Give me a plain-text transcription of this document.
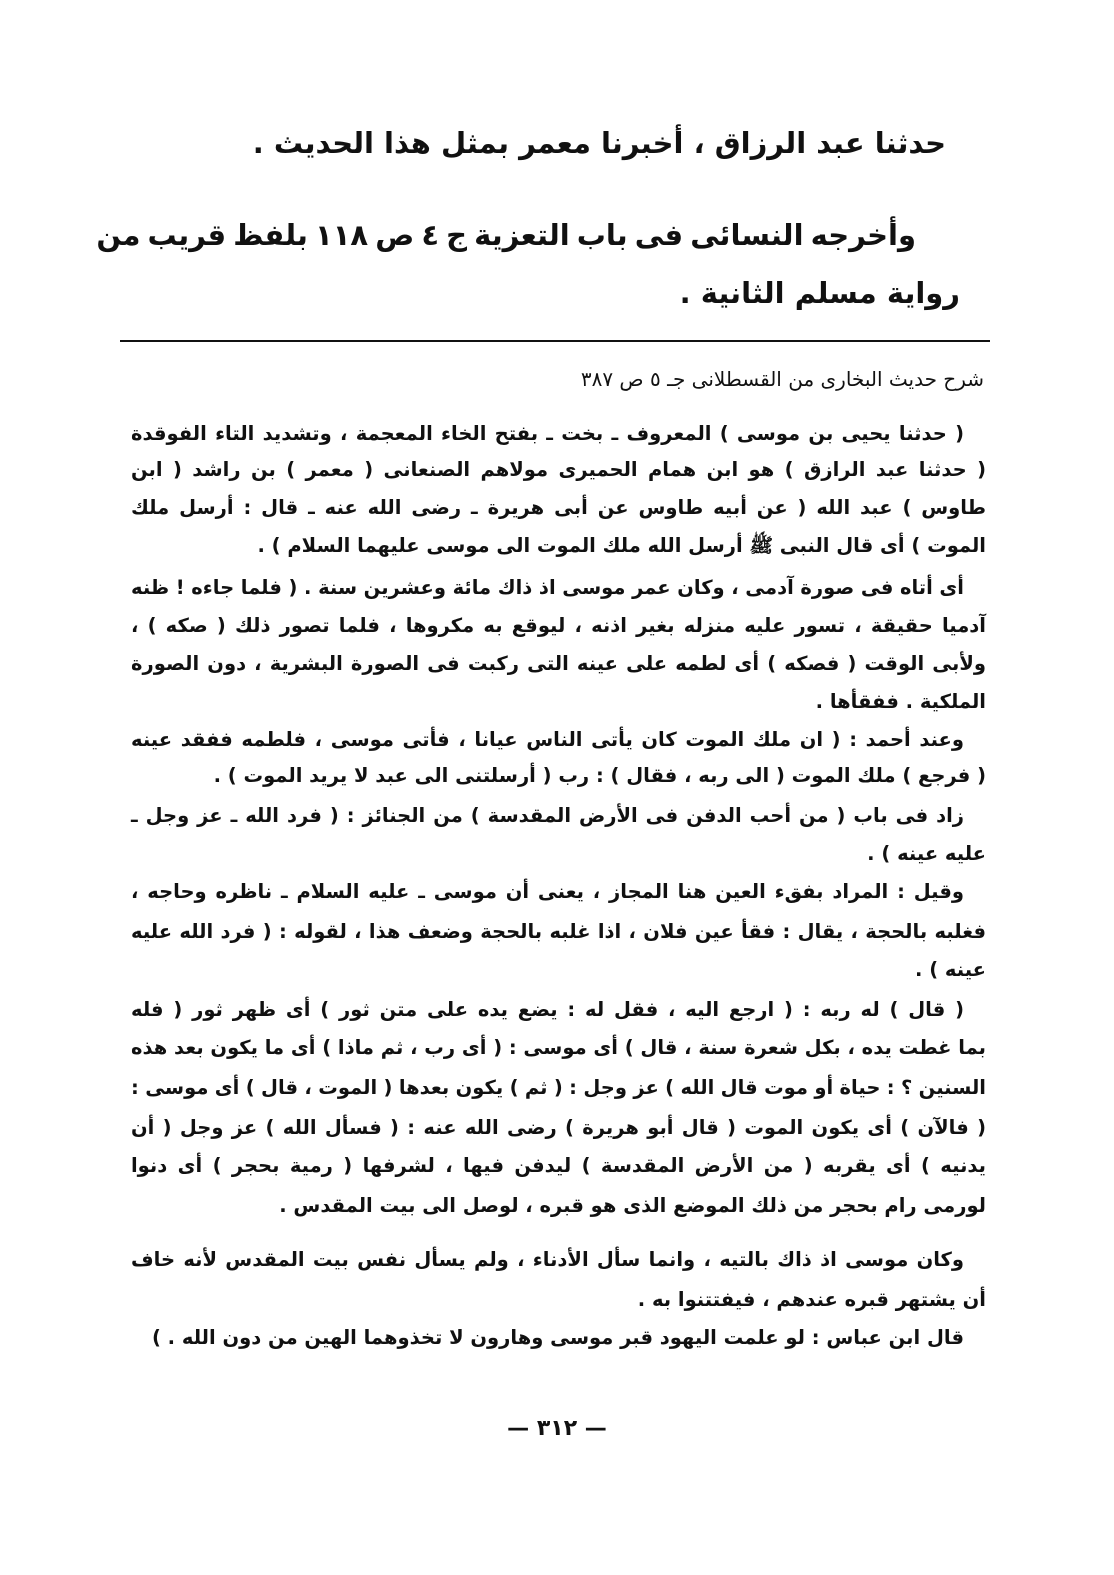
حدثنا عبد الرزاق ، أخبرنا معمر بمثل هذا الحديث .
وأخرجه النسائى فى باب التعزية ج ٤ ص ١١٨ بلفظ قريب من
رواية مسلم الثانية .
شرح حديث البخارى من القسطلانى جـ ٥ ص ٣٨٧
( حدثنا يحيى بن موسى ) المعروف ـ بخت ـ بفتح الخاء المعجمة ، وتشديد التاء الفوقدة
( حدثنا عبد الرازق ) هو ابن همام الحميرى مولاهم الصنعانى ( معمر ) بن راشد ( ابن
طاوس ) عبد الله ( عن أبيه طاوس عن أبى هريرة ـ رضى الله عنه ـ قال : أرسل ملك
الموت ) أى قال النبى ﷺ أرسل الله ملك الموت الى موسى عليهما السلام ) .
أى أتاه فى صورة آدمى ، وكان عمر موسى اذ ذاك مائة وعشرين سنة . ( فلما جاءه ! ظنه
آدميا حقيقة ، تسور عليه منزله بغير اذنه ، ليوقع به مكروها ، فلما تصور ذلك ( صكه ) ،
ولأبى الوقت ( فصكه ) أى لطمه على عينه التى ركبت فى الصورة البشرية ، دون الصورة
الملكية . ففقأها .
وعند أحمد : ( ان ملك الموت كان يأتى الناس عيانا ، فأتى موسى ، فلطمه ففقد عينه
( فرجع ) ملك الموت ( الى ربه ، فقال ) : رب ( أرسلتنى الى عبد لا يريد الموت ) .
زاد فى باب ( من أحب الدفن فى الأرض المقدسة ) من الجنائز : ( فرد الله ـ عز وجل ـ
عليه عينه ) .
وقيل : المراد بفقء العين هنا المجاز ، يعنى أن موسى ـ عليه السلام ـ ناظره وحاجه ،
فغلبه بالحجة ، يقال : فقأ عين فلان ، اذا غلبه بالحجة وضعف هذا ، لقوله : ( فرد الله عليه
عينه ) .
( قال ) له ربه : ( ارجع اليه ، فقل له : يضع يده على متن ثور ) أى ظهر ثور ( فله
بما غطت يده ، بكل شعرة سنة ، قال ) أى موسى : ( أى رب ، ثم ماذا ) أى ما يكون بعد هذه
السنين ؟ : حياة أو موت قال الله ) عز وجل : ( ثم ) يكون بعدها ( الموت ، قال ) أى موسى :
( فالآن ) أى يكون الموت ( قال أبو هريرة ) رضى الله عنه : ( فسأل الله ) عز وجل ( أن
يدنيه ) أى يقربه ( من الأرض المقدسة ) ليدفن فيها ، لشرفها ( رمية بحجر ) أى دنوا
لورمى رام بحجر من ذلك الموضع الذى هو قبره ، لوصل الى بيت المقدس .
وكان موسى اذ ذاك بالتيه ، وانما سأل الأدناء ، ولم يسأل نفس بيت المقدس لأنه خاف
أن يشتهر قبره عندهم ، فيفتتنوا به .
قال ابن عباس : لو علمت اليهود قبر موسى وهارون لا تخذوهما الهين من دون الله . )
— ٣١٢ —
